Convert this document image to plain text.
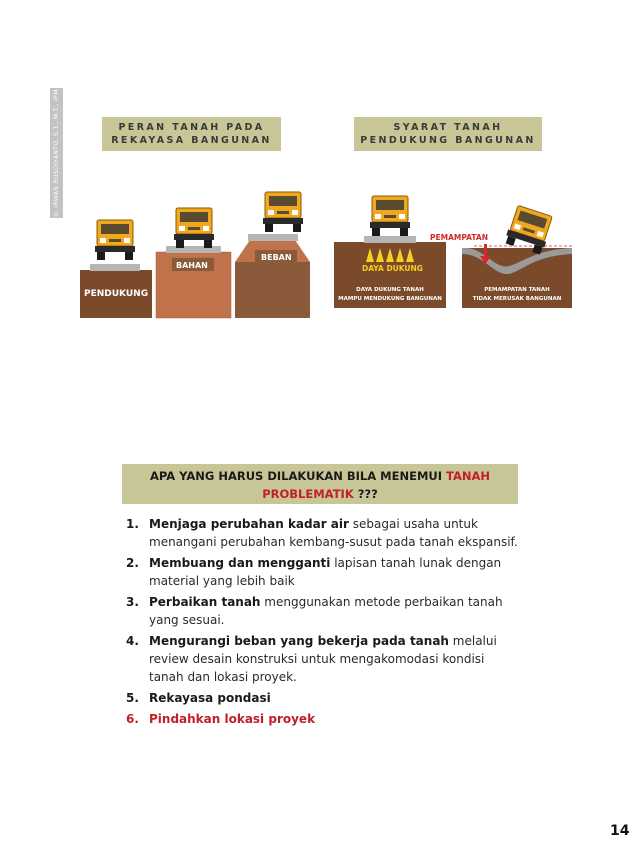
Ir. IRWAN RUSDIYANTO, S.T., M.T., IPM	PERAN TANAH PADA REKAYASA BANGUNAN
SYARAT TANAH PENDUKUNG BANGUNAN
PENDUKUNG
BAHAN
BEBAN
DAYA DUKUNG
DAYA DUKUNG TANAH
MAMPU MENDUKUNG BANGUNAN
PEMAMPATAN
PEMAMPATAN TANAH
TIDAK MERUSAK BANGUNAN
APA YANG HARUS DILAKUKAN BILA MENEMUI TANAH
PROBLEMATIK ???
1. Menjaga perubahan kadar air sebagai usaha untuk menangani perubahan kembang-susut pada tanah ekspansif.
2. Membuang dan mengganti lapisan tanah lunak dengan material yang lebih baik
3. Perbaikan tanah menggunakan metode perbaikan tanah yang sesuai.
4. Mengurangi beban yang bekerja pada tanah melalui review desain konstruksi untuk mengakomodasi kondisi tanah dan lokasi proyek.
5. Rekayasa pondasi
6. Pindahkan lokasi proyek
14
